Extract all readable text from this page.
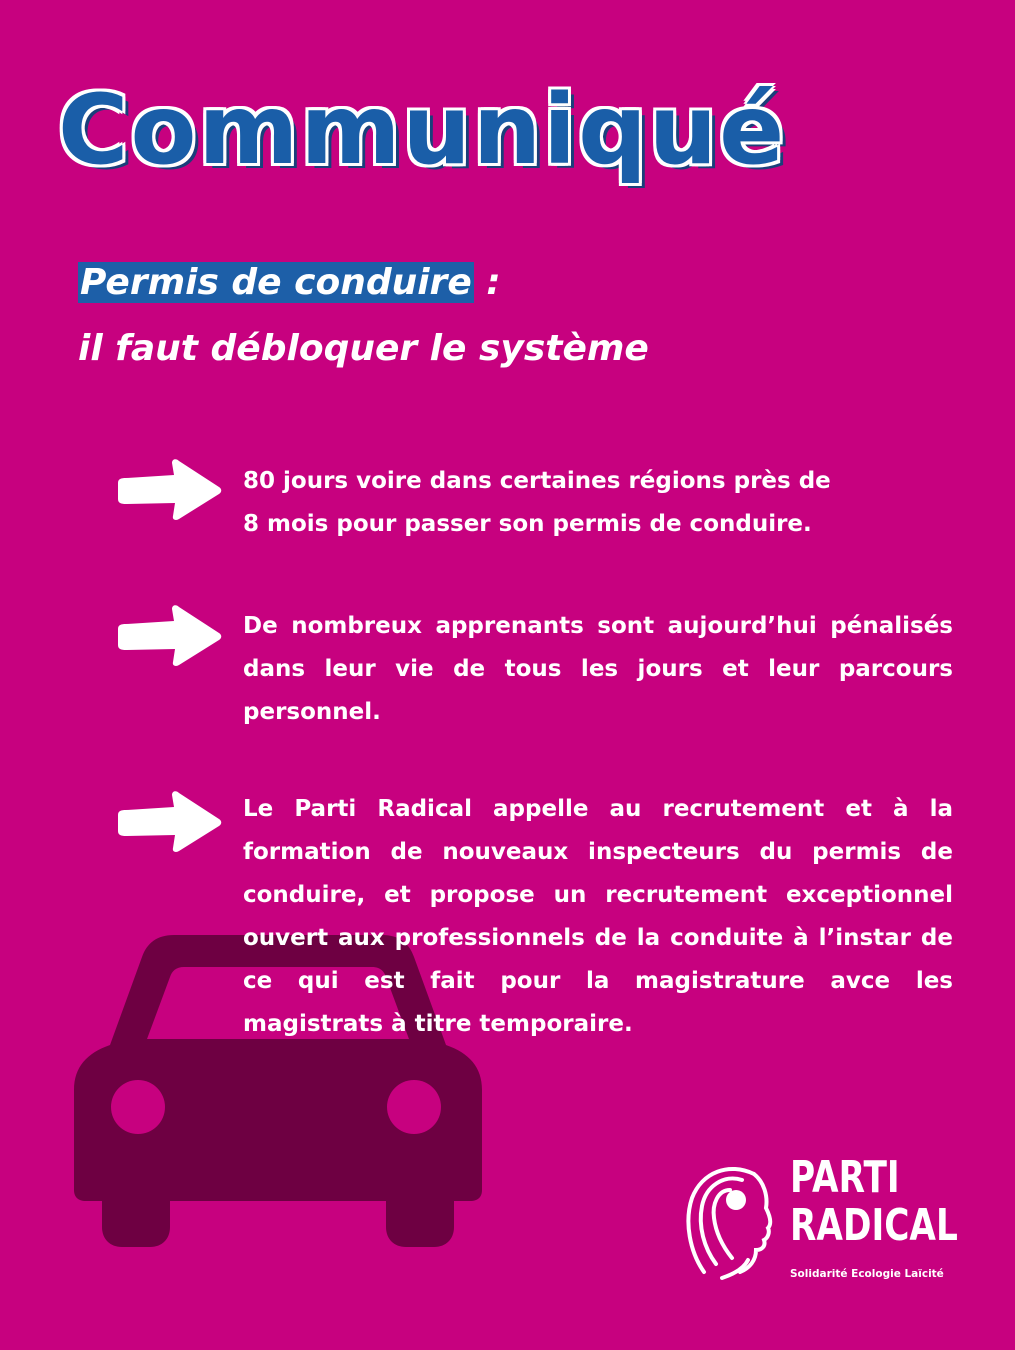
Communiqué
Permis de conduire :
il faut débloquer le système
80 jours voire dans certaines régions près de
8 mois pour passer son permis de conduire.
De nombreux apprenants sont aujourd’hui pénalisés dans leur vie de tous les jours et leur parcours personnel.
Le Parti Radical appelle au recrutement et à la formation de nouveaux inspecteurs du permis de conduire, et propose un recrutement exceptionnel ouvert aux professionnels de la conduite à l’instar de ce qui est fait pour la magistrature avce les magistrats à titre temporaire.
PARTI
RADICAL
Solidarité Ecologie Laïcité
